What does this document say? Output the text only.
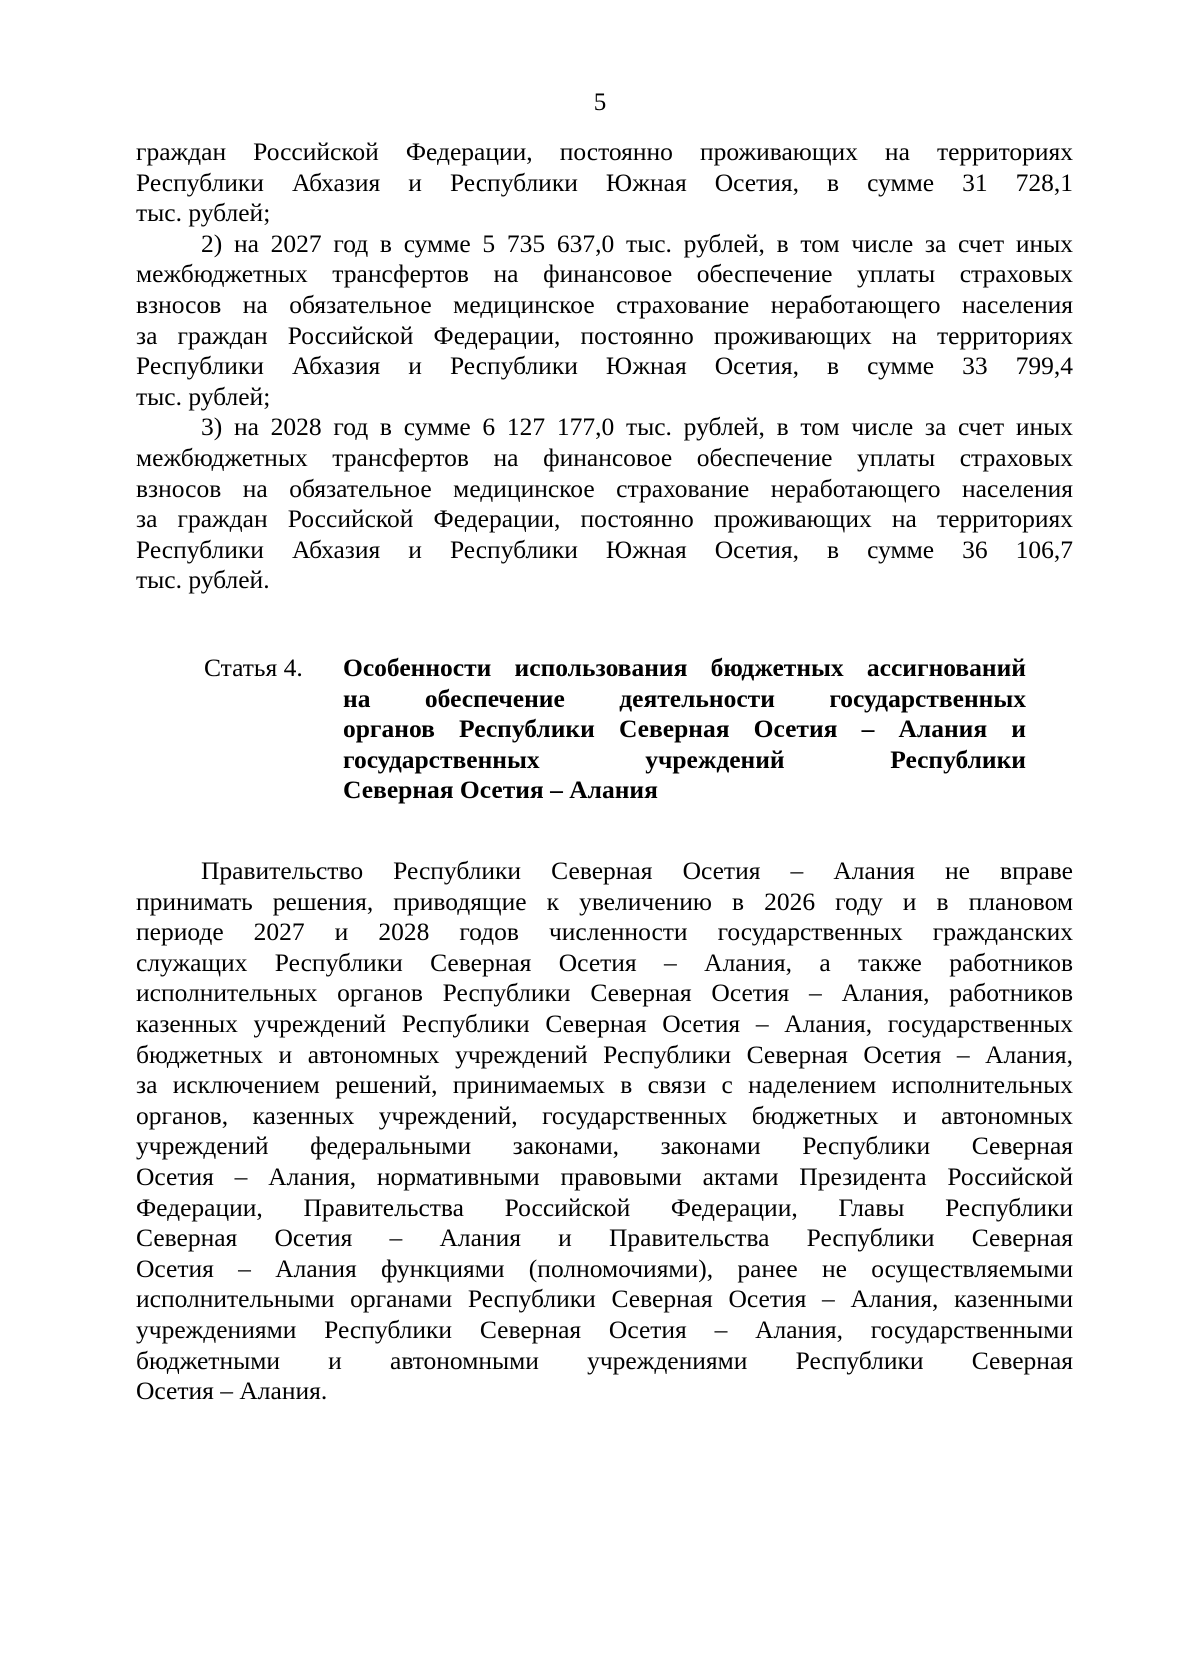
5
граждан Российской Федерации, постоянно проживающих на территориях
Республики Абхазия и Республики Южная Осетия, в сумме 31 728,1
тыс. рублей;
2) на 2027 год в сумме 5 735 637,0 тыс. рублей, в том числе за счет иных
межбюджетных трансфертов на финансовое обеспечение уплаты страховых
взносов на обязательное медицинское страхование неработающего населения
за граждан Российской Федерации, постоянно проживающих на территориях
Республики Абхазия и Республики Южная Осетия, в сумме 33 799,4
тыс. рублей;
3) на 2028 год в сумме 6 127 177,0 тыс. рублей, в том числе за счет иных
межбюджетных трансфертов на финансовое обеспечение уплаты страховых
взносов на обязательное медицинское страхование неработающего населения
за граждан Российской Федерации, постоянно проживающих на территориях
Республики Абхазия и Республики Южная Осетия, в сумме 36 106,7
тыс. рублей.
Статья 4. Особенности использования бюджетных ассигнований
на обеспечение деятельности государственных
органов Республики Северная Осетия – Алания и
государственных учреждений Республики
Северная Осетия – Алания
Правительство Республики Северная Осетия – Алания не вправе
принимать решения, приводящие к увеличению в 2026 году и в плановом
периоде 2027 и 2028 годов численности государственных гражданских
служащих Республики Северная Осетия – Алания, а также работников
исполнительных органов Республики Северная Осетия – Алания, работников
казенных учреждений Республики Северная Осетия – Алания, государственных
бюджетных и автономных учреждений Республики Северная Осетия – Алания,
за исключением решений, принимаемых в связи с наделением исполнительных
органов, казенных учреждений, государственных бюджетных и автономных
учреждений федеральными законами, законами Республики Северная
Осетия – Алания, нормативными правовыми актами Президента Российской
Федерации, Правительства Российской Федерации, Главы Республики
Северная Осетия – Алания и Правительства Республики Северная
Осетия – Алания функциями (полномочиями), ранее не осуществляемыми
исполнительными органами Республики Северная Осетия – Алания, казенными
учреждениями Республики Северная Осетия – Алания, государственными
бюджетными и автономными учреждениями Республики Северная
Осетия – Алания.
